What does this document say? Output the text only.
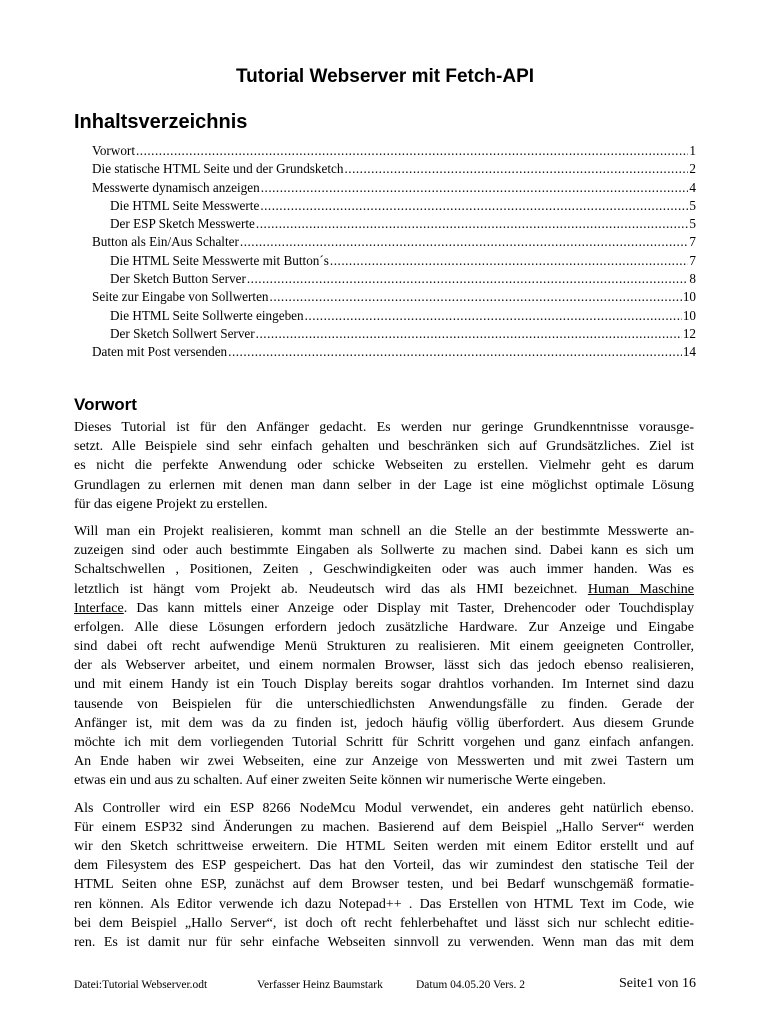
Tutorial Webserver mit Fetch-API
Inhaltsverzeichnis
Vorwort .....	1
Die statische HTML Seite und der Grundsketch .....	2
Messwerte dynamisch anzeigen .....	4
Die HTML Seite Messwerte .....	5
Der ESP Sketch Messwerte .....	5
Button als Ein/Aus Schalter .....	7
Die HTML Seite Messwerte mit Button´s .....	7
Der Sketch Button Server .....	8
Seite zur Eingabe von Sollwerten .....	10
Die HTML Seite Sollwerte eingeben .....	10
Der Sketch Sollwert Server .....	12
Daten mit Post versenden .....	14
Vorwort
Dieses Tutorial ist für den Anfänger gedacht. Es werden nur geringe Grundkenntnisse vorausge-
setzt. Alle Beispiele sind sehr einfach gehalten und beschränken sich auf Grundsätzliches. Ziel ist
es nicht die perfekte Anwendung oder schicke Webseiten zu erstellen. Vielmehr geht es darum
Grundlagen zu erlernen mit denen man dann selber in der Lage ist eine möglichst optimale Lösung
für das eigene Projekt zu erstellen.
Will man ein Projekt realisieren, kommt man schnell an die Stelle an der bestimmte Messwerte an-
zuzeigen sind oder auch bestimmte Eingaben als Sollwerte zu machen sind. Dabei kann es sich um
Schaltschwellen , Positionen, Zeiten , Geschwindigkeiten oder was auch immer handen. Was es
letztlich ist hängt vom Projekt ab. Neudeutsch wird das als HMI bezeichnet. Human Maschine
Interface. Das kann mittels einer Anzeige oder Display mit Taster, Drehencoder oder Touchdisplay
erfolgen. Alle diese Lösungen erfordern jedoch zusätzliche Hardware. Zur Anzeige und Eingabe
sind dabei oft recht aufwendige Menü Strukturen zu realisieren. Mit einem geeigneten Controller,
der als Webserver arbeitet, und einem normalen Browser, lässt sich das jedoch ebenso realisieren,
und mit einem Handy ist ein Touch Display bereits sogar drahtlos vorhanden. Im Internet sind dazu
tausende von Beispielen für die unterschiedlichsten Anwendungsfälle zu finden. Gerade der
Anfänger ist, mit dem was da zu finden ist, jedoch häufig völlig überfordert. Aus diesem Grunde
möchte ich mit dem vorliegenden Tutorial Schritt für Schritt vorgehen und ganz einfach anfangen.
An Ende haben wir zwei Webseiten, eine zur Anzeige von Messwerten und mit zwei Tastern um
etwas ein und aus zu schalten. Auf einer zweiten Seite können wir numerische Werte eingeben.
Als Controller wird ein ESP 8266 NodeMcu Modul verwendet, ein anderes geht natürlich ebenso.
Für einem ESP32 sind Änderungen zu machen. Basierend auf dem Beispiel „Hallo Server“ werden
wir den Sketch schrittweise erweitern. Die HTML Seiten werden mit einem Editor erstellt und auf
dem Filesystem des ESP gespeichert. Das hat den Vorteil, das wir zumindest den statische Teil der
HTML Seiten ohne ESP, zunächst auf dem Browser testen, und bei Bedarf wunschgemäß formatie-
ren können. Als Editor verwende ich dazu Notepad++ . Das Erstellen von HTML Text im Code, wie
bei dem Beispiel „Hallo Server“, ist doch oft recht fehlerbehaftet und lässt sich nur schlecht editie-
ren. Es ist damit nur für sehr einfache Webseiten sinnvoll zu verwenden. Wenn man das mit dem
Datei:Tutorial Webserver.odt	Verfasser Heinz Baumstark	Datum 04.05.20 Vers. 2	Seite1 von 16
